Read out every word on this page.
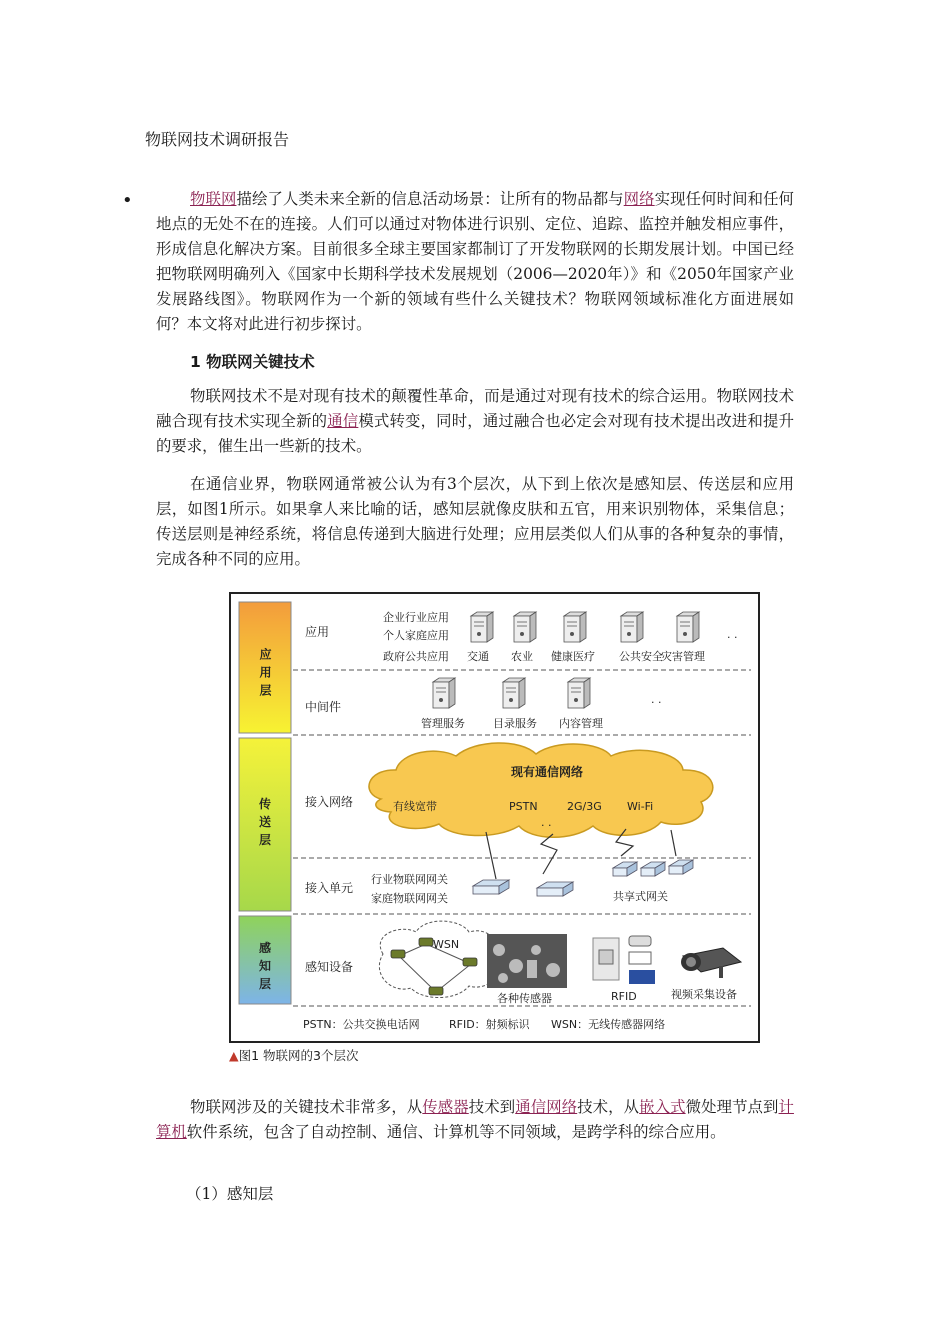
物联网技术调研报告
•	物联网描绘了人类未来全新的信息活动场景：让所有的物品都与网络实现任何时间和任何地点的无处不在的连接。人们可以通过对物体进行识别、定位、追踪、监控并触发相应事件，形成信息化解决方案。目前很多全球主要国家都制订了开发物联网的长期发展计划。中国已经把物联网明确列入《国家中长期科学技术发展规划（2006—2020年）》和《2050年国家产业发展路线图》。物联网作为一个新的领域有些什么关键技术？物联网领域标准化方面进展如何？本文将对此进行初步探讨。
1 物联网关键技术
物联网技术不是对现有技术的颠覆性革命，而是通过对现有技术的综合运用。物联网技术融合现有技术实现全新的通信模式转变，同时，通过融合也必定会对现有技术提出改进和提升的要求，催生出一些新的技术。
在通信业界，物联网通常被公认为有3个层次，从下到上依次是感知层、传送层和应用层，如图1所示。如果拿人来比喻的话，感知层就像皮肤和五官，用来识别物体，采集信息；传送层则是神经系统，将信息传递到大脑进行处理；应用层类似人们从事的各种复杂的事情，完成各种不同的应用。
应用层
传送层
感知层
应用
中间件
接入网络
接入单元
感知设备
企业行业应用
个人家庭应用
政府公共应用 交通 农业 健康医疗 公共安全
灾害管理
. .
管理服务	目录服务 内容管理
. .
现有通信网络
有线宽带	PSTN	2G/3G Wi-Fi
. .
行业物联网网关
家庭物联网网关	共享式网关
WSN
各种传感器	RFID	视频采集设备
PSTN：公共交换电话网	RFID：射频标识 WSN：无线传感器网络
▲图1 物联网的3个层次
物联网涉及的关键技术非常多，从传感器技术到通信网络技术，从嵌入式微处理节点到计算机软件系统，包含了自动控制、通信、计算机等不同领域，是跨学科的综合应用。
（1）感知层
